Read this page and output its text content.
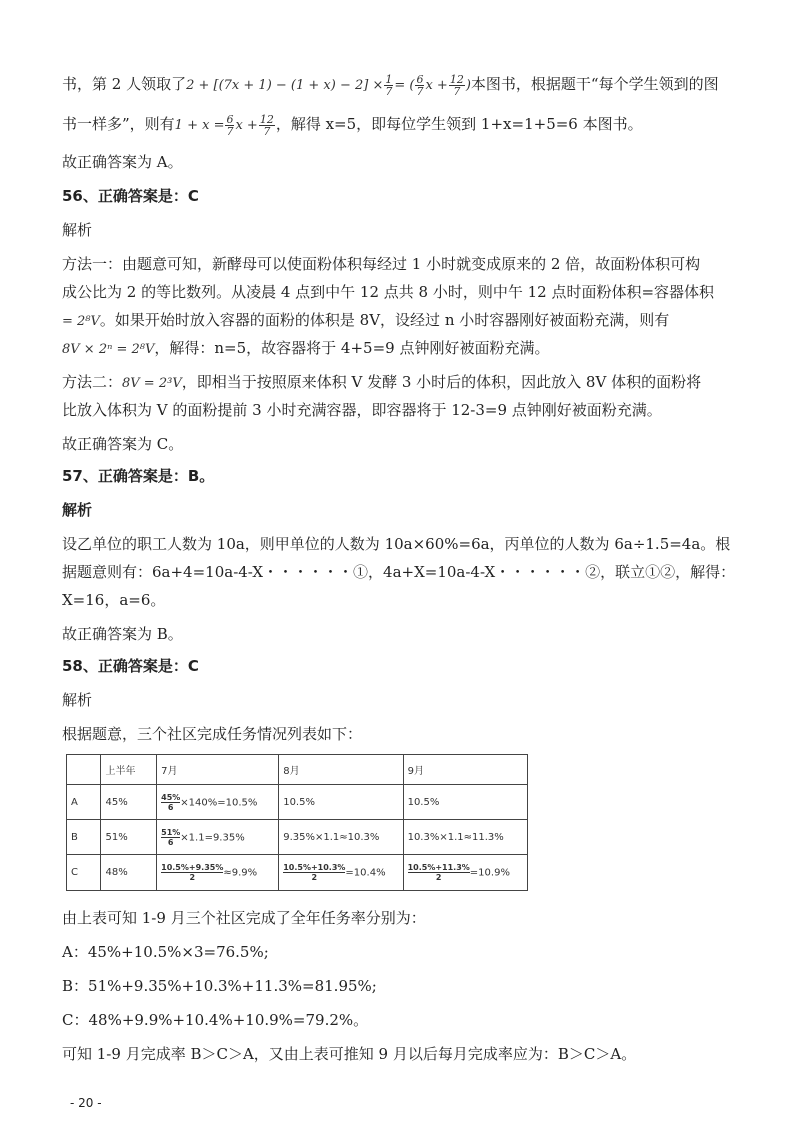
书，第 2 人领取了$2 + [(7x + 1) - (1 + x) - 2] \times \frac{1}{7}$ = ( $\frac{6}{7}$ $x + \frac{12}{7}$ )本图书，根据题干“每个学生领到的图
书一样多”，则有$1 + x = \frac{6}{7}$ $x + \frac{12}{7}$ ，解得 x=5，即每位学生领到 1+x=1+5=6 本图书。
故正确答案为 A。
56、正确答案是：C
解析
方法一：由题意可知，新酵母可以使面粉体积每经过 1 小时就变成原来的 2 倍，故面粉体积可构
成公比为 2 的等比数列。从凌晨 4 点到中午 12 点共 8 小时，则中午 12 点时面粉体积=容器体积
= 2⁸V。如果开始时放入容器的面粉的体积是 8V，设经过 n 小时容器刚好被面粉充满，则有
8V × 2ⁿ = 2⁸V，解得：n=5，故容器将于 4+5=9 点钟刚好被面粉充满。
方法二：8V = 2³V，即相当于按照原来体积 V 发酵 3 小时后的体积，因此放入 8V 体积的面粉将
比放入体积为 V 的面粉提前 3 小时充满容器，即容器将于 12-3=9 点钟刚好被面粉充满。
故正确答案为 C。
57、正确答案是：B。
解析
设乙单位的职工人数为 10a，则甲单位的人数为 10a×60%=6a，丙单位的人数为 6a÷1.5=4a。根
据题意则有：6a+4=10a-4-X・・・・・・①，4a+X=10a-4-X・・・・・・②，联立①②，解得：
X=16，a=6。
故正确答案为 B。
58、正确答案是：C
解析
根据题意，三个社区完成任务情况列表如下：
	上半年	7月	8月	9月
A	45%	$\frac{45\%}{6} \times 140\%=10.5\%$	10.5%	10.5%
B	51%	$\frac{51\%}{6} \times 1.1=9.35\%$	9.35%×1.1≈10.3%	10.3%×1.1≈11.3%
C	48%	$\frac{10.5\%+9.35\%}{2} \approx 9.9\%$	$\frac{10.5\%+10.3\%}{2} =10.4\%$	$\frac{10.5\%+11.3\%}{2} =10.9\%$
由上表可知 1-9 月三个社区完成了全年任务率分别为：
A：45%+10.5%×3=76.5%;
B：51%+9.35%+10.3%+11.3%=81.95%;
C：48%+9.9%+10.4%+10.9%=79.2%。
可知 1-9 月完成率 B＞C＞A，又由上表可推知 9 月以后每月完成率应为：B＞C＞A。
- 20 -
